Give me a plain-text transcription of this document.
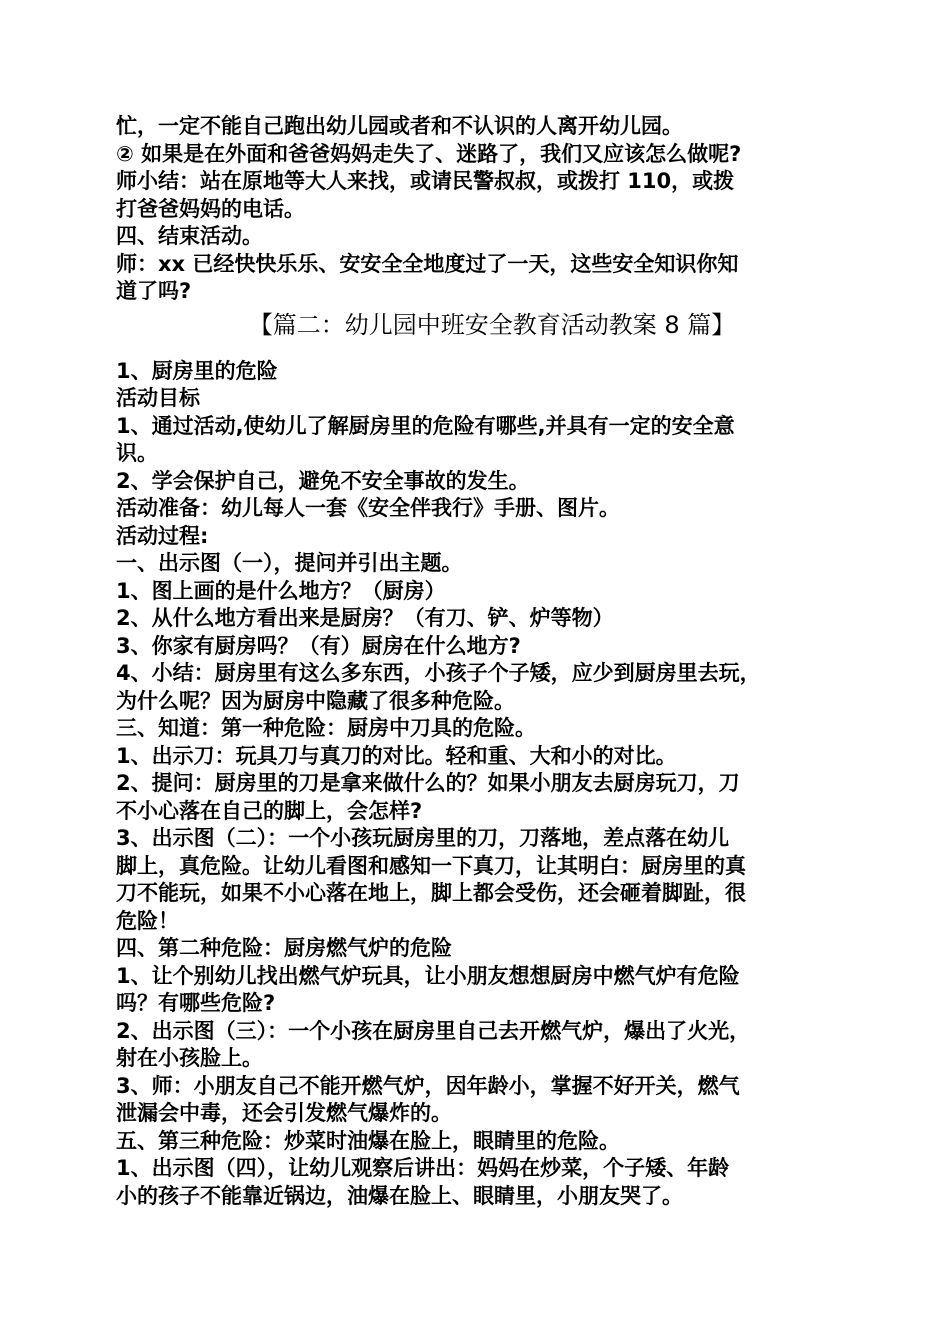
忙，一定不能自己跑出幼儿园或者和不认识的人离开幼儿园。

② 如果是在外面和爸爸妈妈走失了、迷路了，我们又应该怎么做呢?

师小结：站在原地等大人来找，或请民警叔叔，或拨打 110，或拨

打爸爸妈妈的电话。

四、结束活动。

师：xx 已经快快乐乐、安安全全地度过了一天，这些安全知识你知

道了吗?

【篇二：幼儿园中班安全教育活动教案 8 篇】

1、厨房里的危险

活动目标

1、通过活动,使幼儿了解厨房里的危险有哪些,并具有一定的安全意

识。

2、学会保护自己，避免不安全事故的发生。

活动准备：幼儿每人一套《安全伴我行》手册、图片。

活动过程:

一、出示图（一），提问并引出主题。

1、图上画的是什么地方？（厨房）

2、从什么地方看出来是厨房？（有刀、铲、炉等物）

3、你家有厨房吗？（有）厨房在什么地方?

4、小结：厨房里有这么多东西，小孩子个子矮，应少到厨房里去玩，

为什么呢？因为厨房中隐藏了很多种危险。

三、知道：第一种危险：厨房中刀具的危险。

1、出示刀：玩具刀与真刀的对比。轻和重、大和小的对比。

2、提问：厨房里的刀是拿来做什么的？如果小朋友去厨房玩刀，刀

不小心落在自己的脚上，会怎样?

3、出示图（二）：一个小孩玩厨房里的刀，刀落地，差点落在幼儿

脚上，真危险。让幼儿看图和感知一下真刀，让其明白：厨房里的真

刀不能玩，如果不小心落在地上，脚上都会受伤，还会砸着脚趾，很

危险！

四、第二种危险：厨房燃气炉的危险

1、让个别幼儿找出燃气炉玩具，让小朋友想想厨房中燃气炉有危险

吗？有哪些危险?

2、出示图（三）：一个小孩在厨房里自己去开燃气炉，爆出了火光，

射在小孩脸上。

3、师：小朋友自己不能开燃气炉，因年龄小，掌握不好开关，燃气

泄漏会中毒，还会引发燃气爆炸的。

五、第三种危险：炒菜时油爆在脸上，眼睛里的危险。

1、出示图（四），让幼儿观察后讲出：妈妈在炒菜，个子矮、年龄

小的孩子不能靠近锅边，油爆在脸上、眼睛里，小朋友哭了。
